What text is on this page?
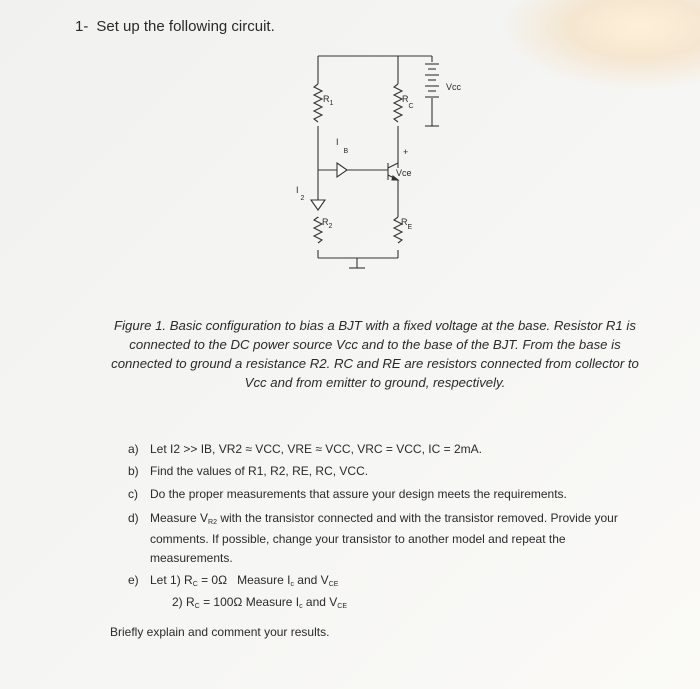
1- Set up the following circuit.
Vcc
$R_1$	$R_C$
$I_B$	+
Vce
$I_2$
$R_2$	$R_E$
Figure 1. Basic configuration to bias a BJT with a fixed voltage at the base. Resistor R1 is connected to the DC power source Vcc and to the base of the BJT. From the base is connected to ground a resistance R2. RC and RE are resistors connected from collector to Vcc and from emitter to ground, respectively.
a) Let I2 >> IB, VR2 ≈ VCC, VRE ≈ VCC, VRC = VCC, IC = 2mA.
b) Find the values of R1, R2, RE, RC, VCC.
c)	Do the proper measurements that assure your design meets the requirements.
d) Measure $V_{R2}$ with the transistor connected and with the transistor removed. Provide your comments. If possible, change your transistor to another model and repeat the measurements.
e) Let 1) $R_C = 0\Omega$   Measure $I_c$ and $V_{CE}$
2) $R_C = 100\Omega$ Measure $I_c$ and $V_{CE}$
Briefly explain and comment your results.
